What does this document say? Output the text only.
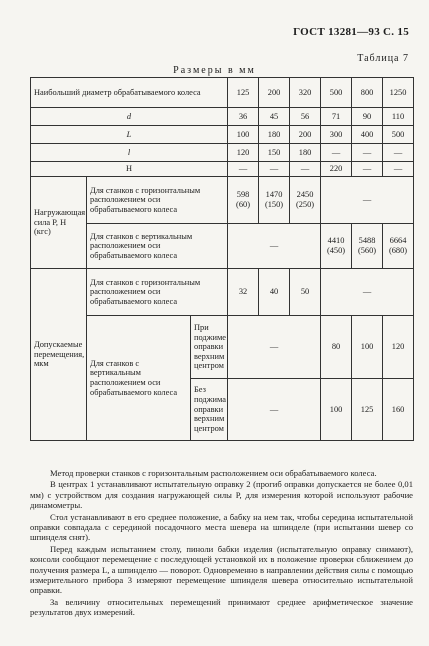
ГОСТ 13281—93 С. 15
Таблица 7
Размеры в мм
Наибольший диаметр обрабатываемого колеса			125	200	320	500	800	1250
d			36	45	56	71	90	110
L			100	180	200	300	400	500
l			120	150	180	—	—	—
H			—	—	—	220	—	—
Нагружающая сила P, Н (кгс)	Для станков с горизонтальным расположением оси обрабатываемого колеса		598 (60)	1470 (150)	2450 (250)	—		
	Для станков с вертикальным расположением оси обрабатываемого колеса		—			4410 (450)	5488 (560)	6664 (680)
Допускаемые перемещения, мкм	Для станков с горизонтальным расположением оси обрабатываемого колеса		32	40	50	—		
	Для станков с вертикальным расположением оси обрабатываемого колеса	При поджиме оправки верхним центром	—			80	100	120
		Без поджима оправки верхним центром	—			100	125	160

Метод проверки станков с горизонтальным расположением оси обрабатываемого колеса.

В центрах 1 устанавливают испытательную оправку 2 (прогиб оправки допускается не более 0,01 мм) с устройством для создания нагружающей силы P, для измерения которой используют рабочие динамометры.

Стол устанавливают в его среднее положение, а бабку на нем так, чтобы середина испытательной оправки совпадала с серединой посадочного места шевера на шпинделе (при испытании шевер со шпинделя снят).

Перед каждым испытанием столу, пиноли бабки изделия (испытательную оправку снимают), консоли сообщают перемещение с последующей установкой их в положение проверки сближением до получения размера L, а шпинделю — поворот. Одновременно в направлении действия силы с помощью измерительного прибора 3 измеряют перемещение шпинделя шевера относительно испытательной оправки.

За величину относительных перемещений принимают среднее арифметическое значение результатов двух измерений.
